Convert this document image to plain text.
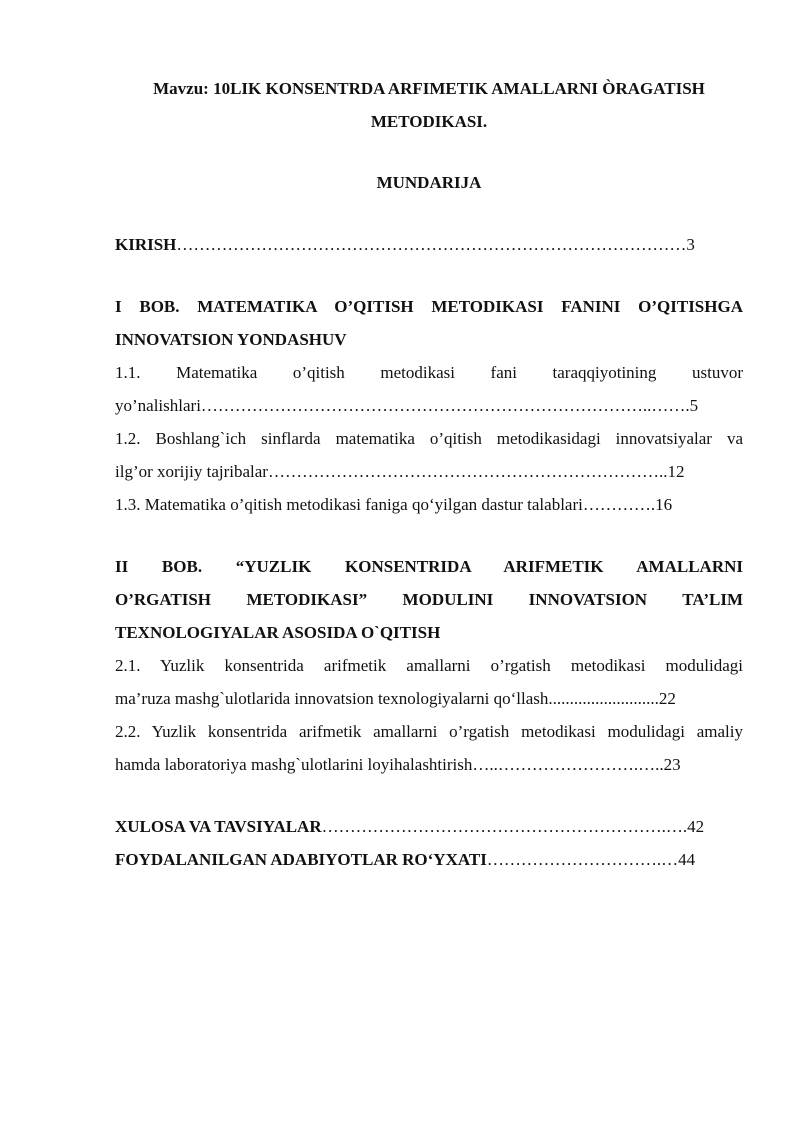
Mavzu: 10LIK KONSENTRDA ARFIMETIK AMALLARNI ÒRAGATISH

METODIKASI.

MUNDARIJA

KIRISH………………………………………………………………………………3

I BOB. MATEMATIKA O’QITISH METODIKASI FANINI O’QITISHGA

INNOVATSION YONDASHUV

1.1. Matematika o’qitish metodikasi fani taraqqiyotining ustuvor

yo’nalishlari……………………………………………………………………..…….5

1.2. Boshlang`ich sinflarda matematika o’qitish metodikasidagi innovatsiyalar va

ilg’or xorijiy tajribalar……………………………………………………………..12

1.3. Matematika o’qitish metodikasi faniga qo‘yilgan dastur talablari………….16

II BOB. “YUZLIK KONSENTRIDA ARIFMETIK AMALLARNI

O’RGATISH METODIKASI” MODULINI INNOVATSION TA’LIM

TEXNOLOGIYALAR ASOSIDA O`QITISH

2.1. Yuzlik konsentrida arifmetik amallarni o’rgatish metodikasi modulidagi

ma’ruza mashg`ulotlarida innovatsion texnologiyalarni qo‘llash..........................22

2.2. Yuzlik konsentrida arifmetik amallarni o’rgatish metodikasi modulidagi amaliy

hamda laboratoriya mashg`ulotlarini loyihalashtirish…..…………………….…..23

XULOSA VA TAVSIYALAR…………………………………………………….….42

FOYDALANILGAN ADABIYOTLAR RO‘YXATI………………………….…44
